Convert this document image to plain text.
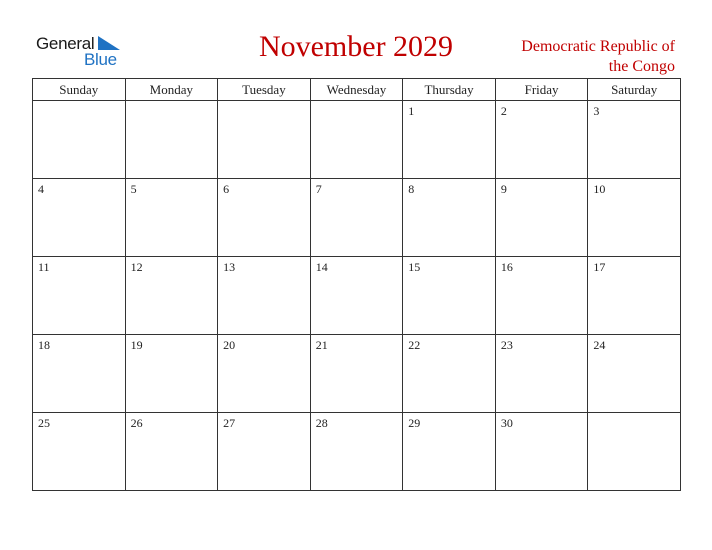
General
Blue	November 2029	Democratic Republic of
the Congo
Sunday	Monday	Tuesday	Wednesday	Thursday	Friday	Saturday

				1	2	3

4	5	6	7	8	9	10

11	12	13	14	15	16	17

18	19	20	21	22	23	24

25	26	27	28	29	30	
